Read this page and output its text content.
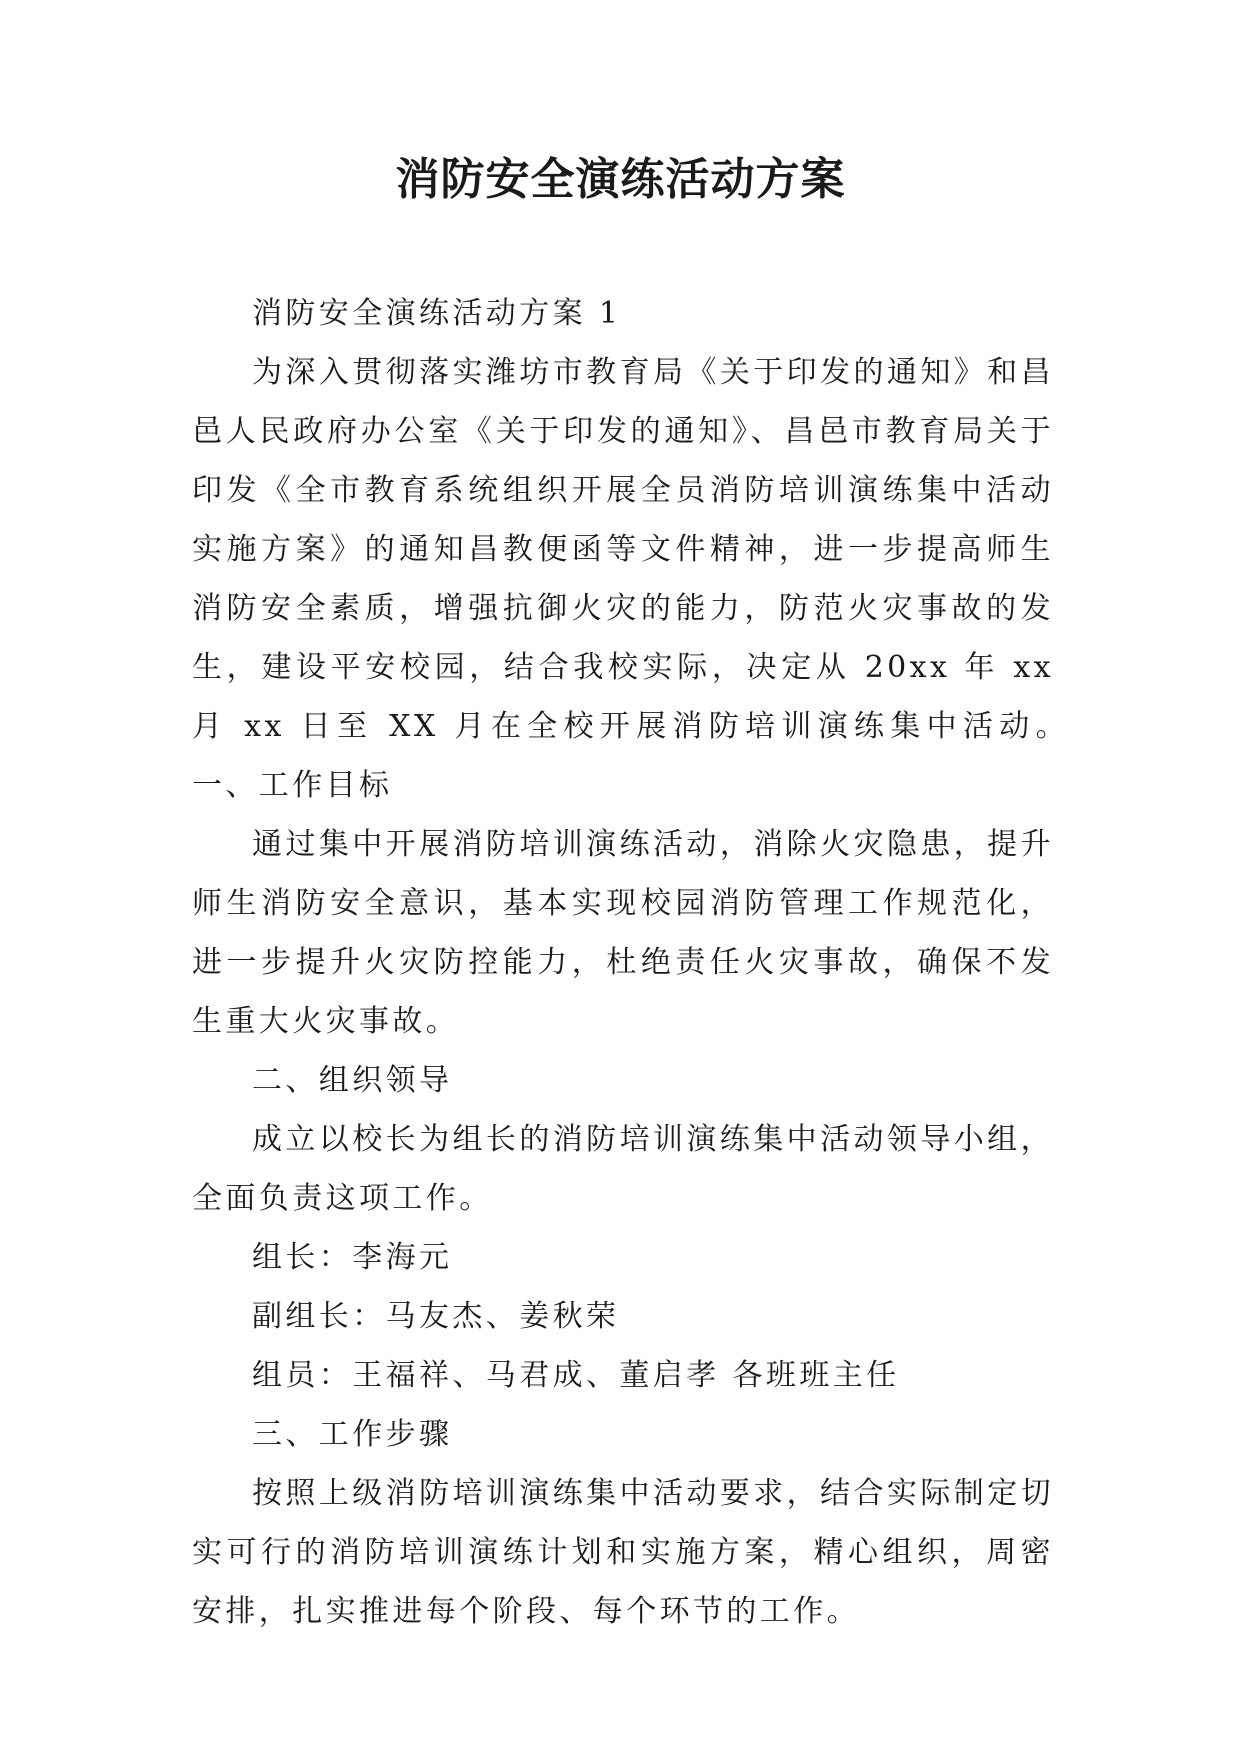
消防安全演练活动方案

消防安全演练活动方案 1

为深入贯彻落实潍坊市教育局《关于印发的通知》和昌邑人民政府办公室《关于印发的通知》、昌邑市教育局关于印发《全市教育系统组织开展全员消防培训演练集中活动实施方案》的通知昌教便函等文件精神，进一步提高师生消防安全素质，增强抗御火灾的能力，防范火灾事故的发生，建设平安校园，结合我校实际，决定从 20xx 年 xx 月 xx 日至 XX 月在全校开展消防培训演练集中活动。　　一、工作目标

通过集中开展消防培训演练活动，消除火灾隐患，提升师生消防安全意识，基本实现校园消防管理工作规范化，进一步提升火灾防控能力，杜绝责任火灾事故，确保不发生重大火灾事故。

二、组织领导

成立以校长为组长的消防培训演练集中活动领导小组，全面负责这项工作。

组长：李海元

副组长：马友杰、姜秋荣

组员：王福祥、马君成、董启孝 各班班主任

三、工作步骤

按照上级消防培训演练集中活动要求，结合实际制定切实可行的消防培训演练计划和实施方案，精心组织，周密安排，扎实推进每个阶段、每个环节的工作。
